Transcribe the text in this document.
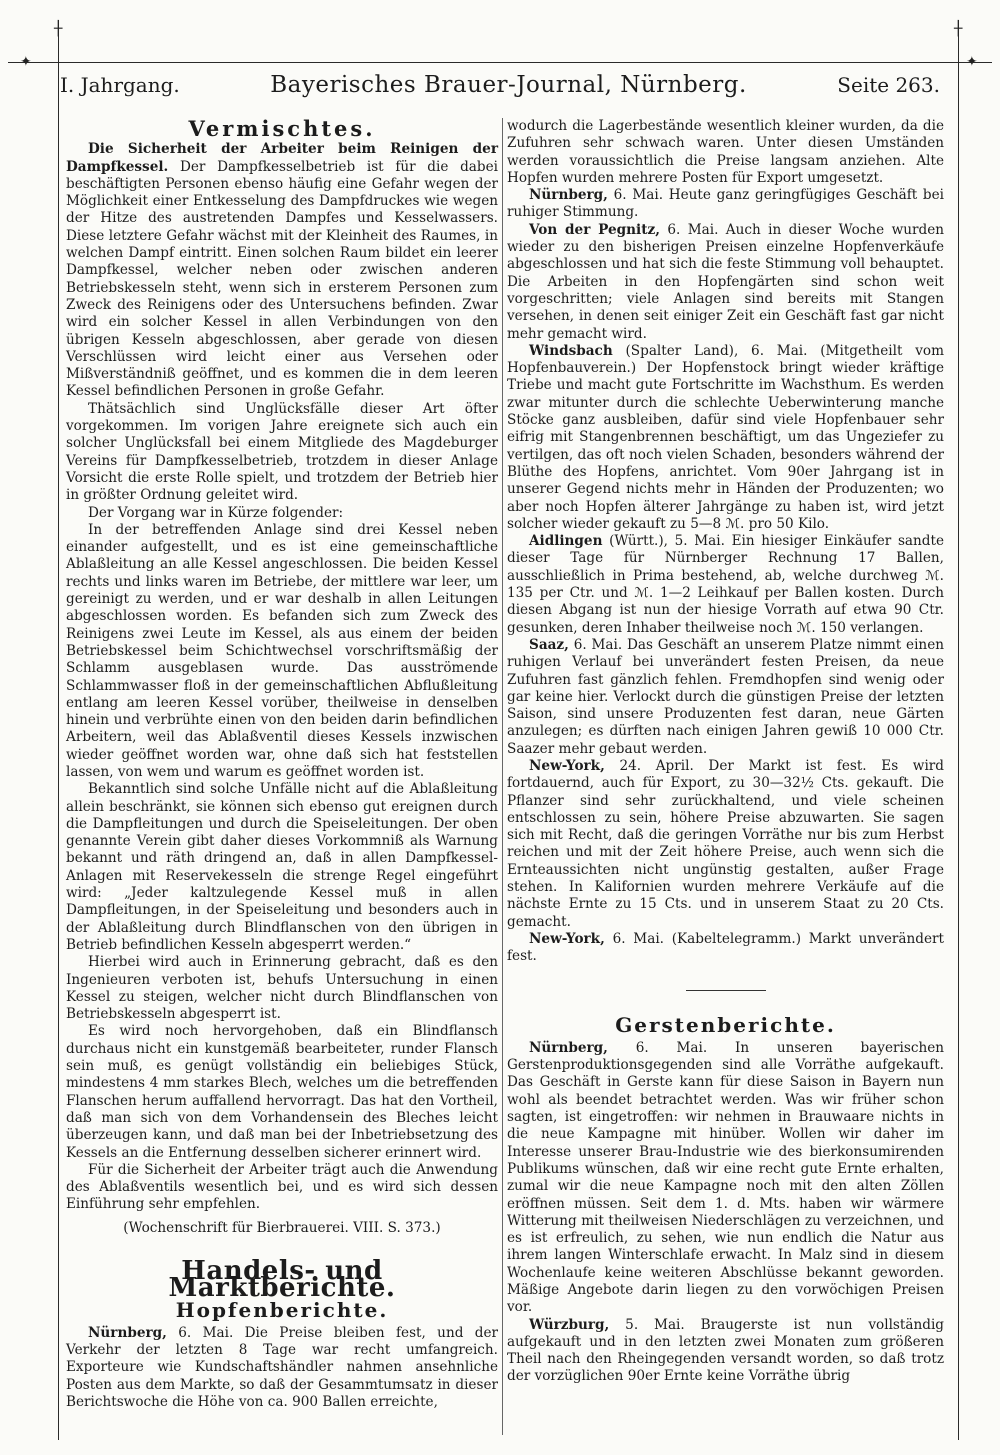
✦	✦
┼	┼
I. Jahrgang.	Bayerisches Brauer-Journal, Nürnberg.	Seite 263.
Vermischtes.

Die Sicherheit der Arbeiter beim Reinigen der Dampfkessel. Der Dampfkesselbetrieb ist für die dabei beschäftigten Personen ebenso häufig eine Gefahr wegen der Möglichkeit einer Entkesselung des Dampfdruckes wie wegen der Hitze des austretenden Dampfes und Kesselwassers. Diese letztere Gefahr wächst mit der Kleinheit des Raumes, in welchen Dampf eintritt. Einen solchen Raum bildet ein leerer Dampfkessel, welcher neben oder zwischen anderen Betriebskesseln steht, wenn sich in ersterem Personen zum Zweck des Reinigens oder des Untersuchens befinden. Zwar wird ein solcher Kessel in allen Verbindungen von den übrigen Kesseln abgeschlossen, aber gerade von diesen Verschlüssen wird leicht einer aus Versehen oder Mißverständniß geöffnet, und es kommen die in dem leeren Kessel befindlichen Personen in große Gefahr.

Thätsächlich sind Unglücksfälle dieser Art öfter vorgekommen. Im vorigen Jahre ereignete sich auch ein solcher Unglücksfall bei einem Mitgliede des Magdeburger Vereins für Dampfkesselbetrieb, trotzdem in dieser Anlage Vorsicht die erste Rolle spielt, und trotzdem der Betrieb hier in größter Ordnung geleitet wird.

Der Vorgang war in Kürze folgender:

In der betreffenden Anlage sind drei Kessel neben einander aufgestellt, und es ist eine gemeinschaftliche Ablaßleitung an alle Kessel angeschlossen. Die beiden Kessel rechts und links waren im Betriebe, der mittlere war leer, um gereinigt zu werden, und er war deshalb in allen Leitungen abgeschlossen worden. Es befanden sich zum Zweck des Reinigens zwei Leute im Kessel, als aus einem der beiden Betriebskessel beim Schichtwechsel vorschriftsmäßig der Schlamm ausgeblasen wurde. Das ausströmende Schlammwasser floß in der gemeinschaftlichen Abflußleitung entlang am leeren Kessel vorüber, theilweise in denselben hinein und verbrühte einen von den beiden darin befindlichen Arbeitern, weil das Ablaßventil dieses Kessels inzwischen wieder geöffnet worden war, ohne daß sich hat feststellen lassen, von wem und warum es geöffnet worden ist.

Bekanntlich sind solche Unfälle nicht auf die Ablaßleitung allein beschränkt, sie können sich ebenso gut ereignen durch die Dampfleitungen und durch die Speiseleitungen. Der oben genannte Verein gibt daher dieses Vorkommniß als Warnung bekannt und räth dringend an, daß in allen Dampfkessel-Anlagen mit Reservekesseln die strenge Regel eingeführt wird: „Jeder kaltzulegende Kessel muß in allen Dampfleitungen, in der Speiseleitung und besonders auch in der Ablaßleitung durch Blindflanschen von den übrigen in Betrieb befindlichen Kesseln abgesperrt werden.“

Hierbei wird auch in Erinnerung gebracht, daß es den Ingenieuren verboten ist, behufs Untersuchung in einen Kessel zu steigen, welcher nicht durch Blindflanschen von Betriebskesseln abgesperrt ist.

Es wird noch hervorgehoben, daß ein Blindflansch durchaus nicht ein kunstgemäß bearbeiteter, runder Flansch sein muß, es genügt vollständig ein beliebiges Stück, mindestens 4 mm starkes Blech, welches um die betreffenden Flanschen herum auffallend hervorragt. Das hat den Vortheil, daß man sich von dem Vorhandensein des Bleches leicht überzeugen kann, und daß man bei der Inbetriebsetzung des Kessels an die Entfernung desselben sicherer erinnert wird.

Für die Sicherheit der Arbeiter trägt auch die Anwendung des Ablaßventils wesentlich bei, und es wird sich dessen Einführung sehr empfehlen.

(Wochenschrift für Bierbrauerei. VIII. S. 373.)

Handels- und Marktberichte.
Hopfenberichte.

Nürnberg, 6. Mai. Die Preise bleiben fest, und der Verkehr der letzten 8 Tage war recht umfangreich. Exporteure wie Kundschaftshändler nahmen ansehnliche Posten aus dem Markte, so daß der Gesammtumsatz in dieser Berichtswoche die Höhe von ca. 900 Ballen erreichte,

wodurch die Lagerbestände wesentlich kleiner wurden, da die Zufuhren sehr schwach waren. Unter diesen Umständen werden voraussichtlich die Preise langsam anziehen. Alte Hopfen wurden mehrere Posten für Export umgesetzt.

Nürnberg, 6. Mai. Heute ganz geringfügiges Geschäft bei ruhiger Stimmung.

Von der Pegnitz, 6. Mai. Auch in dieser Woche wurden wieder zu den bisherigen Preisen einzelne Hopfenverkäufe abgeschlossen und hat sich die feste Stimmung voll behauptet. Die Arbeiten in den Hopfengärten sind schon weit vorgeschritten; viele Anlagen sind bereits mit Stangen versehen, in denen seit einiger Zeit ein Geschäft fast gar nicht mehr gemacht wird.

Windsbach (Spalter Land), 6. Mai. (Mitgetheilt vom Hopfenbauverein.) Der Hopfenstock bringt wieder kräftige Triebe und macht gute Fortschritte im Wachsthum. Es werden zwar mitunter durch die schlechte Ueberwinterung manche Stöcke ganz ausbleiben, dafür sind viele Hopfenbauer sehr eifrig mit Stangenbrennen beschäftigt, um das Ungeziefer zu vertilgen, das oft noch vielen Schaden, besonders während der Blüthe des Hopfens, anrichtet. Vom 90er Jahrgang ist in unserer Gegend nichts mehr in Händen der Produzenten; wo aber noch Hopfen älterer Jahrgänge zu haben ist, wird jetzt solcher wieder gekauft zu 5—8 ℳ. pro 50 Kilo.

Aidlingen (Württ.), 5. Mai. Ein hiesiger Einkäufer sandte dieser Tage für Nürnberger Rechnung 17 Ballen, ausschließlich in Prima bestehend, ab, welche durchweg ℳ. 135 per Ctr. und ℳ. 1—2 Leihkauf per Ballen kosten. Durch diesen Abgang ist nun der hiesige Vorrath auf etwa 90 Ctr. gesunken, deren Inhaber theilweise noch ℳ. 150 verlangen.

Saaz, 6. Mai. Das Geschäft an unserem Platze nimmt einen ruhigen Verlauf bei unverändert festen Preisen, da neue Zufuhren fast gänzlich fehlen. Fremdhopfen sind wenig oder gar keine hier. Verlockt durch die günstigen Preise der letzten Saison, sind unsere Produzenten fest daran, neue Gärten anzulegen; es dürften nach einigen Jahren gewiß 10 000 Ctr. Saazer mehr gebaut werden.

New-York, 24. April. Der Markt ist fest. Es wird fortdauernd, auch für Export, zu 30—32½ Cts. gekauft. Die Pflanzer sind sehr zurückhaltend, und viele scheinen entschlossen zu sein, höhere Preise abzuwarten. Sie sagen sich mit Recht, daß die geringen Vorräthe nur bis zum Herbst reichen und mit der Zeit höhere Preise, auch wenn sich die Ernteaussichten nicht ungünstig gestalten, außer Frage stehen. In Kalifornien wurden mehrere Verkäufe auf die nächste Ernte zu 15 Cts. und in unserem Staat zu 20 Cts. gemacht.

New-York, 6. Mai. (Kabeltelegramm.) Markt unverändert fest.

Gerstenberichte.

Nürnberg, 6. Mai. In unseren bayerischen Gerstenproduktionsgegenden sind alle Vorräthe aufgekauft. Das Geschäft in Gerste kann für diese Saison in Bayern nun wohl als beendet betrachtet werden. Was wir früher schon sagten, ist eingetroffen: wir nehmen in Brauwaare nichts in die neue Kampagne mit hinüber. Wollen wir daher im Interesse unserer Brau-Industrie wie des bierkonsumirenden Publikums wünschen, daß wir eine recht gute Ernte erhalten, zumal wir die neue Kampagne noch mit den alten Zöllen eröffnen müssen. Seit dem 1. d. Mts. haben wir wärmere Witterung mit theilweisen Niederschlägen zu verzeichnen, und es ist erfreulich, zu sehen, wie nun endlich die Natur aus ihrem langen Winterschlafe erwacht. In Malz sind in diesem Wochenlaufe keine weiteren Abschlüsse bekannt geworden. Mäßige Angebote darin liegen zu den vorwöchigen Preisen vor.

Würzburg, 5. Mai. Braugerste ist nun vollständig aufgekauft und in den letzten zwei Monaten zum größeren Theil nach den Rheingegenden versandt worden, so daß trotz der vorzüglichen 90er Ernte keine Vorräthe übrig
